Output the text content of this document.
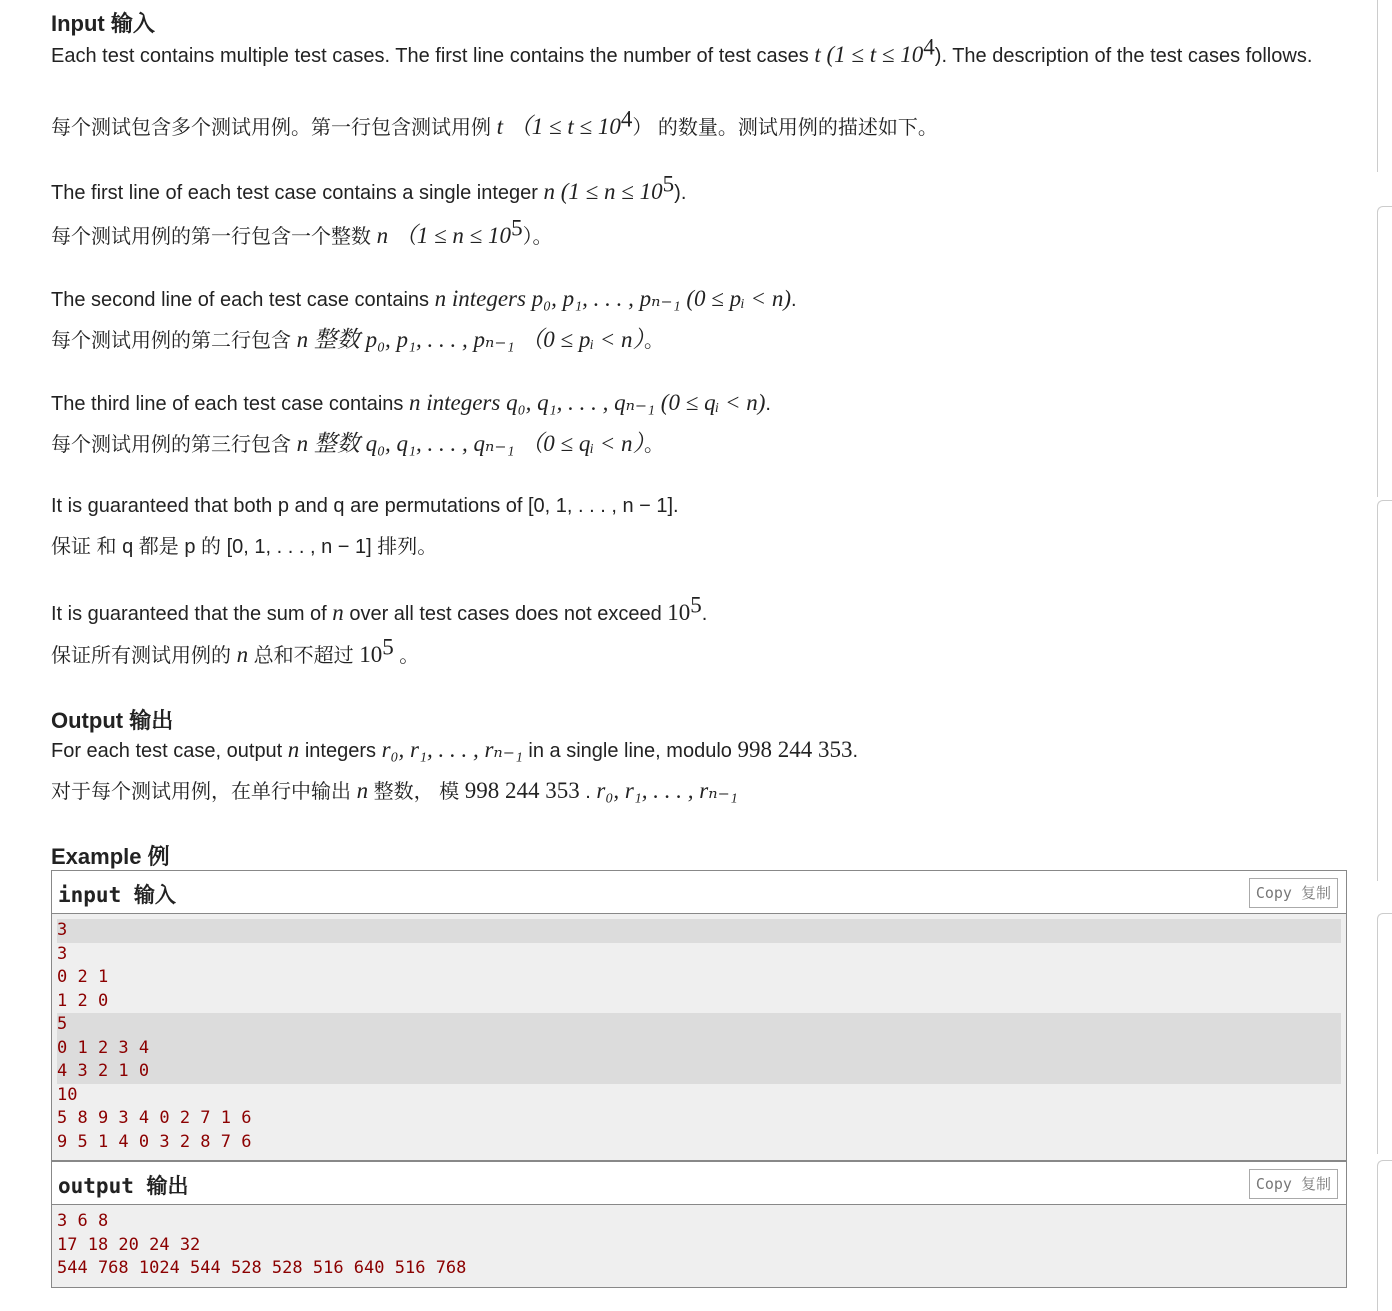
Input 输入
Each test contains multiple test cases. The first line contains the number of test cases t $(1 \le t \le 10^4)$. The description of the test cases follows.
每个测试包含多个测试用例。第一行包含测试用例 t $(1 \le t \le 10^4)$ 的数量。测试用例的描述如下。
The first line of each test case contains a single integer n $(1 \le n \le 10^5)$.
每个测试用例的第一行包含一个整数 n $(1 \le n \le 10^5)$。
The second line of each test case contains n integers p₀, p₁, . . . , pₙ₋₁ (0 ≤ pᵢ < n).
每个测试用例的第二行包含 n 整数 p₀, p₁, . . . , pₙ₋₁ （0 ≤ pᵢ < n）。
The third line of each test case contains n integers q₀, q₁, . . . , qₙ₋₁ (0 ≤ qᵢ < n).
每个测试用例的第三行包含 n 整数 q₀, q₁, . . . , qₙ₋₁ （0 ≤ qᵢ < n）。
It is guaranteed that both p and q are permutations of [0, 1, . . . , n − 1].
保证 和 q 都是 p 的 [0, 1, . . . , n − 1] 排列。
It is guaranteed that the sum of n over all test cases does not exceed $10^5$.
保证所有测试用例的 n 总和不超过 $10^5$ 。
Output 输出
For each test case, output n integers r₀, r₁, . . . , rₙ₋₁ in a single line, modulo 998 244 353.
对于每个测试用例，在单行中输出 n 整数， 模 998 244 353 . r₀, r₁, . . . , rₙ₋₁
Example 例
input 输入	Copy 复制
3
3
0 2 1
1 2 0
5
0 1 2 3 4
4 3 2 1 0
10
5 8 9 3 4 0 2 7 1 6
9 5 1 4 0 3 2 8 7 6
output 输出	Copy 复制
3 6 8
17 18 20 24 32
544 768 1024 544 528 528 516 640 516 768
